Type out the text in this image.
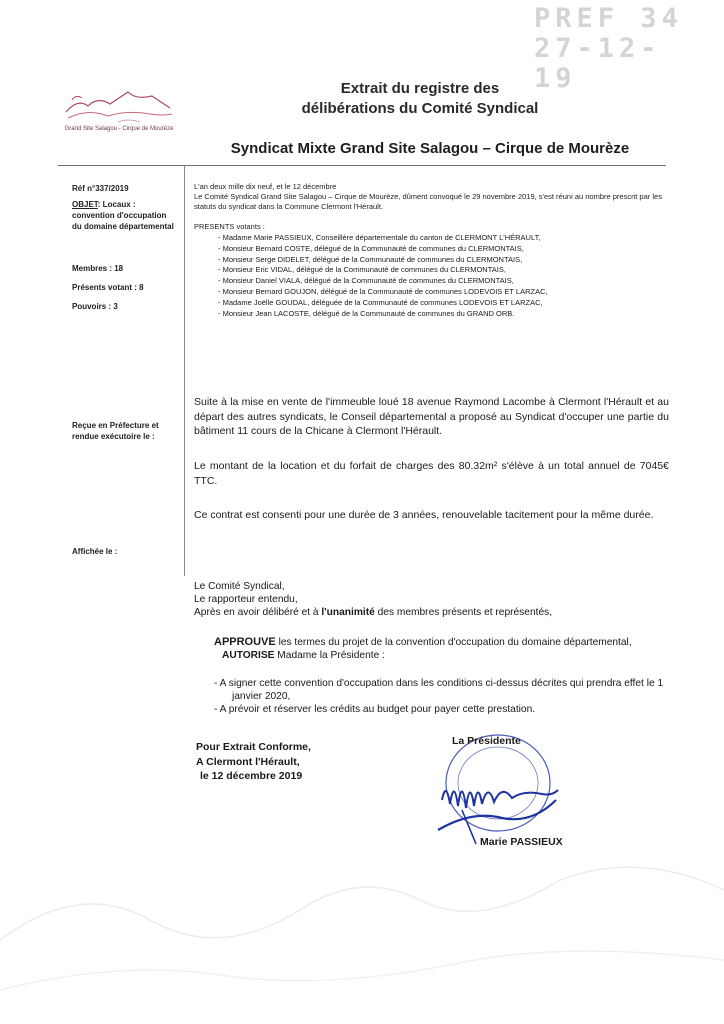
PREF 34
27-12-19
Grand Site Salagou - Cirque de Mourèze
Extrait du registre des
délibérations du Comité Syndical
Syndicat Mixte Grand Site Salagou – Cirque de Mourèze
Réf n°337/2019
OBJET: Locaux : convention d'occupation du domaine départemental
Membres : 18
Présents votant : 8
Pouvoirs : 3
Reçue en Préfecture et rendue exécutoire le :
Affichée le :
L'an deux mille dix neuf, et le 12 décembre
Le Comité Syndical Grand Site Salagou – Cirque de Mourèze, dûment convoqué le 29 novembre 2019, s'est réuni au nombre prescrit par les statuts du syndicat dans la Commune Clermont l'Hérault.
PRESENTS votants :
- Madame Marie PASSIEUX, Conseillère départementale du canton de CLERMONT L'HÉRAULT,
- Monsieur Bernard COSTE, délégué de la Communauté de communes du CLERMONTAIS,
- Monsieur Serge DIDELET, délégué de la Communauté de communes du CLERMONTAIS,
- Monsieur Eric VIDAL, délégué de la Communauté de communes du CLERMONTAIS,
- Monsieur Daniel VIALA, délégué de la Communauté de communes du CLERMONTAIS,
- Monsieur Bernard GOUJON, délégué de la Communauté de communes LODEVOIS ET LARZAC,
- Madame Joëlle GOUDAL, déléguée de la Communauté de communes LODEVOIS ET LARZAC,
- Monsieur Jean LACOSTE, délégué de la Communauté de communes du GRAND ORB.
Suite à la mise en vente de l'immeuble loué 18 avenue Raymond Lacombe à Clermont l'Hérault et au départ des autres syndicats, le Conseil départemental a proposé au Syndicat d'occuper une partie du bâtiment 11 cours de la Chicane à Clermont l'Hérault.
Le montant de la location et du forfait de charges des 80.32m² s'élève à un total annuel de 7045€ TTC.
Ce contrat est consenti pour une durée de 3 années, renouvelable tacitement pour la même durée.
Le Comité Syndical,
Le rapporteur entendu,
Après en avoir délibéré et à l'unanimité des membres présents et représentés,
APPROUVE les termes du projet de la convention d'occupation du domaine départemental,
AUTORISE Madame la Présidente :
- A signer cette convention d'occupation dans les conditions ci-dessus décrites qui prendra effet le 1 janvier 2020,
- A prévoir et réserver les crédits au budget pour payer cette prestation.
Pour Extrait Conforme,
A Clermont l'Hérault,
le 12 décembre 2019
La Présidente
Marie PASSIEUX
